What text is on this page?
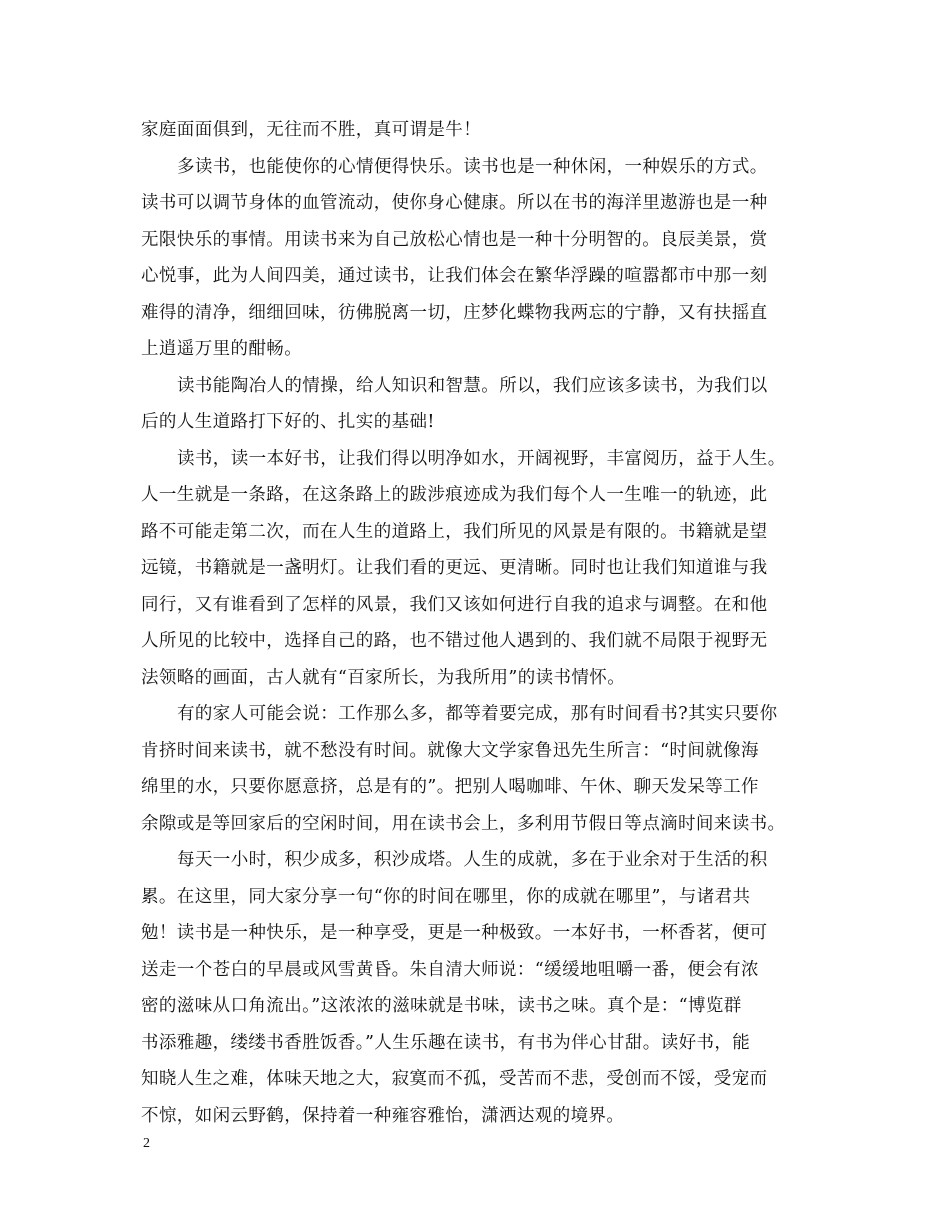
家庭面面俱到，无往而不胜，真可谓是牛！
多读书，也能使你的心情便得快乐。读书也是一种休闲，一种娱乐的方式。
读书可以调节身体的血管流动，使你身心健康。所以在书的海洋里遨游也是一种
无限快乐的事情。用读书来为自己放松心情也是一种十分明智的。良辰美景，赏
心悦事，此为人间四美，通过读书，让我们体会在繁华浮躁的喧嚣都市中那一刻
难得的清净，细细回味，彷佛脱离一切，庄梦化蝶物我两忘的宁静，又有扶摇直
上逍遥万里的酣畅。
读书能陶冶人的情操，给人知识和智慧。所以，我们应该多读书，为我们以
后的人生道路打下好的、扎实的基础!
读书，读一本好书，让我们得以明净如水，开阔视野，丰富阅历，益于人生。
人一生就是一条路，在这条路上的跋涉痕迹成为我们每个人一生唯一的轨迹，此
路不可能走第二次，而在人生的道路上，我们所见的风景是有限的。书籍就是望
远镜，书籍就是一盏明灯。让我们看的更远、更清晰。同时也让我们知道谁与我
同行，又有谁看到了怎样的风景，我们又该如何进行自我的追求与调整。在和他
人所见的比较中，选择自己的路，也不错过他人遇到的、我们就不局限于视野无
法领略的画面，古人就有“百家所长，为我所用”的读书情怀。
有的家人可能会说：工作那么多，都等着要完成，那有时间看书?其实只要你
肯挤时间来读书，就不愁没有时间。就像大文学家鲁迅先生所言：“时间就像海
绵里的水，只要你愿意挤，总是有的”。把别人喝咖啡、午休、聊天发呆等工作
余隙或是等回家后的空闲时间，用在读书会上，多利用节假日等点滴时间来读书。
每天一小时，积少成多，积沙成塔。人生的成就，多在于业余对于生活的积
累。在这里，同大家分享一句“你的时间在哪里，你的成就在哪里”，与诸君共
勉！读书是一种快乐，是一种享受，更是一种极致。一本好书，一杯香茗，便可
送走一个苍白的早晨或风雪黄昏。朱自清大师说：“缓缓地咀嚼一番，便会有浓
密的滋味从口角流出。”这浓浓的滋味就是书味，读书之味。真个是：“博览群
书添雅趣，缕缕书香胜饭香。”人生乐趣在读书，有书为伴心甘甜。读好书，能
知晓人生之难，体味天地之大，寂寞而不孤，受苦而不悲，受创而不馁，受宠而
不惊，如闲云野鹤，保持着一种雍容雅怡，潇洒达观的境界。
2
